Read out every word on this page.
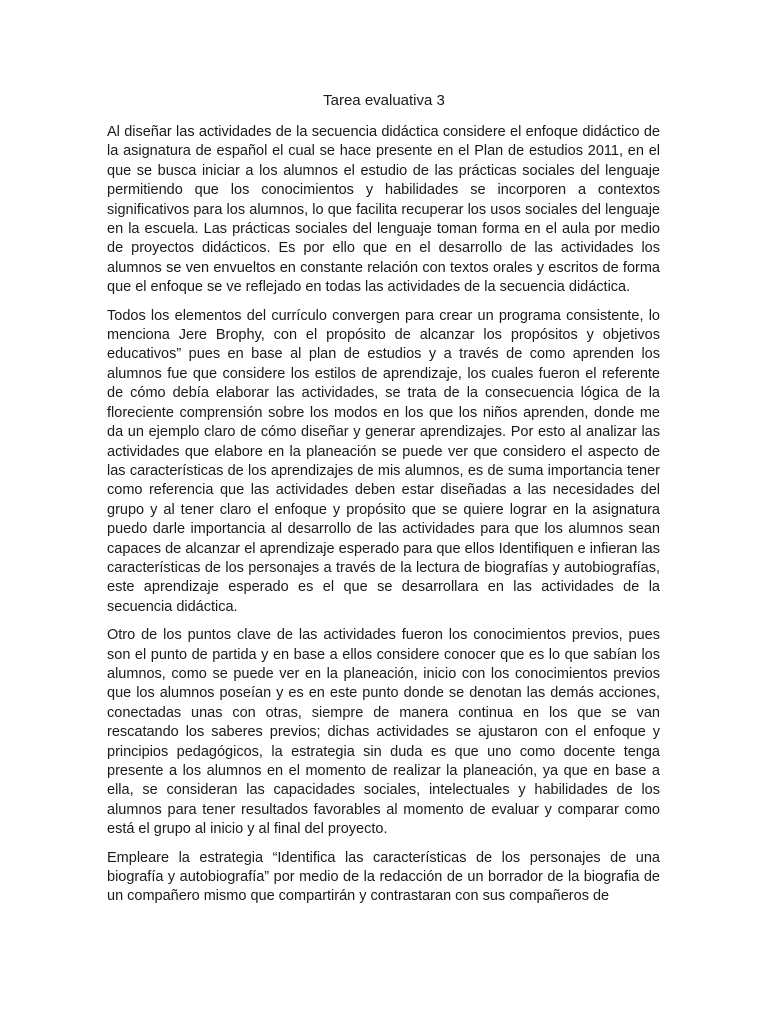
Tarea evaluativa 3

Al diseñar las actividades de la secuencia didáctica considere el enfoque didáctico de la asignatura de español el cual se hace presente en el Plan de estudios 2011, en el que se busca iniciar a los alumnos el estudio de las prácticas sociales del lenguaje permitiendo que los conocimientos y habilidades se incorporen a contextos significativos para los alumnos, lo que facilita recuperar los usos sociales del lenguaje en la escuela. Las prácticas sociales del lenguaje toman forma en el aula por medio de proyectos didácticos. Es por ello que en el desarrollo de las actividades los alumnos se ven envueltos en constante relación con textos orales y escritos de forma que el enfoque se ve reflejado en todas las actividades de la secuencia didáctica.

Todos los elementos del currículo convergen para crear un programa consistente, lo menciona Jere Brophy, con el propósito de alcanzar los propósitos y objetivos educativos” pues en base al plan de estudios y a través de como aprenden los alumnos fue que considere los estilos de aprendizaje, los cuales fueron el referente de cómo debía elaborar las actividades, se trata de la consecuencia lógica de la floreciente comprensión sobre los modos en los que los niños aprenden, donde me da un ejemplo claro de cómo diseñar y generar aprendizajes. Por esto al analizar las actividades que elabore en la planeación se puede ver que considero el aspecto de las características de los aprendizajes de mis alumnos, es de suma importancia tener como referencia que las actividades deben estar diseñadas a las necesidades del grupo y al tener claro el enfoque y propósito que se quiere lograr en la asignatura puedo darle importancia al desarrollo de las actividades para que los alumnos sean capaces de alcanzar el aprendizaje esperado para que ellos Identifiquen e infieran las características de los personajes a través de la lectura de biografías y autobiografías, este aprendizaje esperado es el que se desarrollara en las actividades de la secuencia didáctica.

Otro de los puntos clave de las actividades fueron los conocimientos previos, pues son el punto de partida y en base a ellos considere conocer que es lo que sabían los alumnos, como se puede ver en la planeación, inicio con los conocimientos previos que los alumnos poseían y es en este punto donde se denotan las demás acciones, conectadas unas con otras, siempre de manera continua en los que se van rescatando los saberes previos; dichas actividades se ajustaron con el enfoque y principios pedagógicos, la estrategia sin duda es que uno como docente tenga presente a los alumnos en el momento de realizar la planeación, ya que en base a ella, se consideran las capacidades sociales, intelectuales y habilidades de los alumnos para tener resultados favorables al momento de evaluar y comparar como está el grupo al inicio y al final del proyecto.

Empleare la estrategia “Identifica las características de los personajes de una biografía y autobiografía” por medio de la redacción de un borrador de la biografia de un compañero mismo que compartirán y contrastaran con sus compañeros de
